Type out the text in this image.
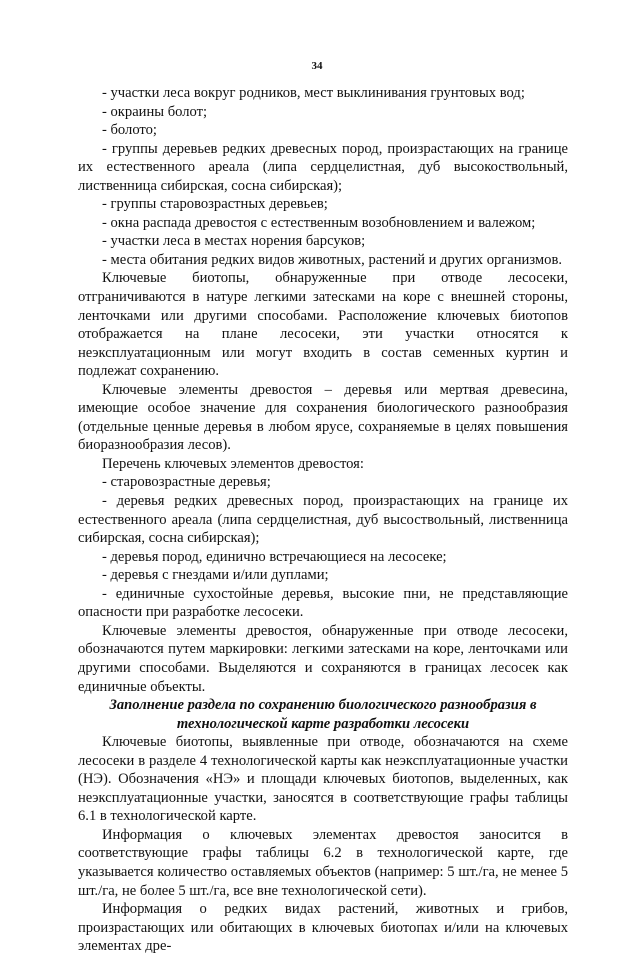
34

- участки леса вокруг родников, мест выклинивания грунтовых вод;

- окраины болот;

- болото;

- группы деревьев редких древесных пород, произрастающих на границе их естественного ареала (липа сердцелистная, дуб высокоствольный, лиственница сибирская, сосна сибирская);

- группы старовозрастных деревьев;

- окна распада древостоя с естественным возобновлением и валежом;

- участки леса в местах норения барсуков;

- места обитания редких видов животных, растений и других организмов.

Ключевые биотопы, обнаруженные при отводе лесосеки, отграничиваются в натуре легкими затесками на коре с внешней стороны, ленточками или другими способами. Расположение ключевых биотопов отображается на плане лесосеки, эти участки относятся к неэксплуатационным или могут входить в состав семенных куртин и подлежат сохранению.

Ключевые элементы древостоя – деревья или мертвая древесина, имеющие особое значение для сохранения биологического разнообразия (отдельные ценные деревья в любом ярусе, сохраняемые в целях повышения биоразнообразия лесов).

Перечень ключевых элементов древостоя:

- старовозрастные деревья;

- деревья редких древесных пород, произрастающих на границе их естественного ареала (липа сердцелистная, дуб высоствольный, лиственница сибирская, сосна сибирская);

- деревья пород, единично встречающиеся на лесосеке;

- деревья с гнездами и/или дуплами;

- единичные сухостойные деревья, высокие пни, не представляющие опасности при разработке лесосеки.

Ключевые элементы древостоя, обнаруженные при отводе лесосеки, обозначаются путем маркировки: легкими затесками на коре, ленточками или другими способами. Выделяются и сохраняются в границах лесосек как единичные объекты.

Заполнение раздела по сохранению биологического разнообразия в технологической карте разработки лесосеки

Ключевые биотопы, выявленные при отводе, обозначаются на схеме лесосеки в разделе 4 технологической карты как неэксплуатационные участки (НЭ). Обозначения «НЭ» и площади ключевых биотопов, выделенных, как неэксплуатационные участки, заносятся в соответствующие графы таблицы 6.1 в технологической карте.

Информация о ключевых элементах древостоя заносится в соответствующие графы таблицы 6.2 в технологической карте, где указывается количество оставляемых объектов (например: 5 шт./га, не менее 5 шт./га, не более 5 шт./га, все вне технологической сети).

Информация о редких видах растений, животных и грибов, произрастающих или обитающих в ключевых биотопах и/или на ключевых элементах дре-
